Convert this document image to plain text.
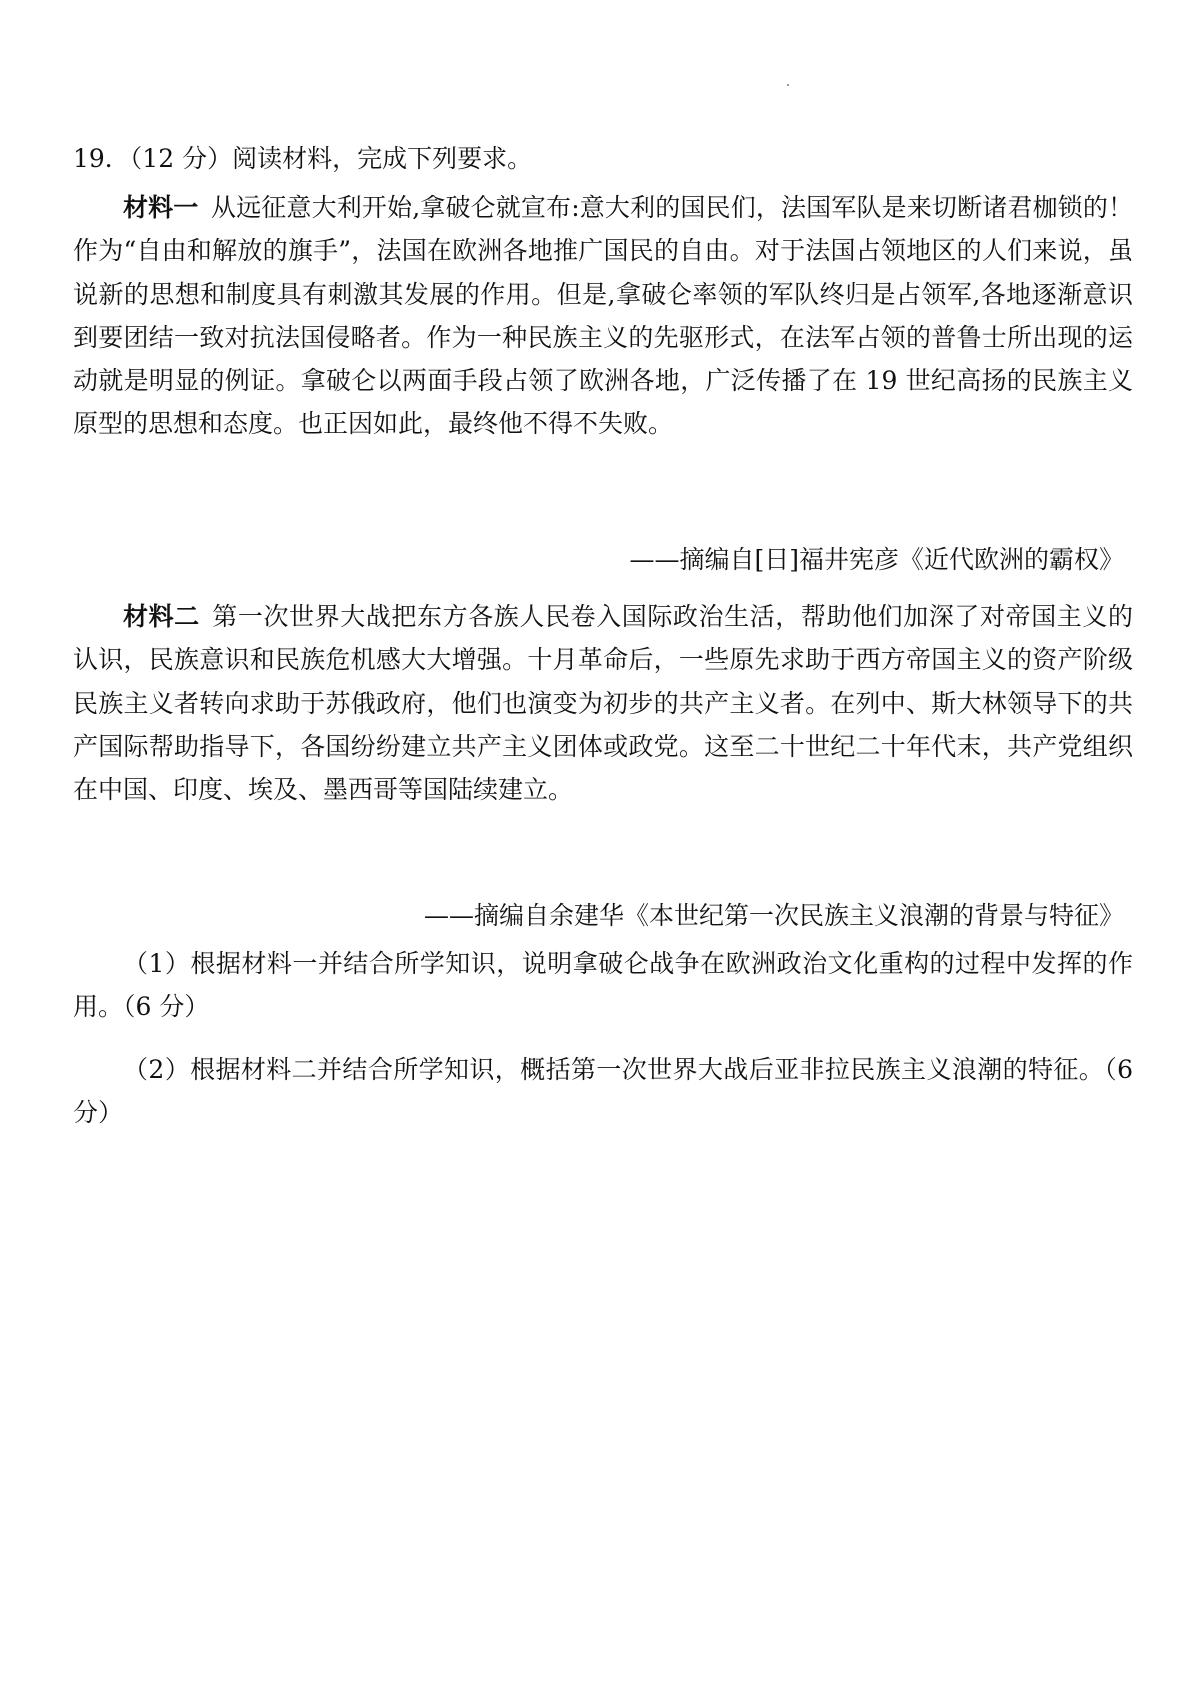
19．（12 分）阅读材料，完成下列要求。

材料一 从远征意大利开始,拿破仑就宣布:意大利的国民们，法国军队是来切断诸君枷锁的！作为“自由和解放的旗手”，法国在欧洲各地推广国民的自由。对于法国占领地区的人们来说，虽说新的思想和制度具有刺激其发展的作用。但是,拿破仑率领的军队终归是占领军,各地逐渐意识到要团结一致对抗法国侵略者。作为一种民族主义的先驱形式，在法军占领的普鲁士所出现的运动就是明显的例证。拿破仑以两面手段占领了欧洲各地，广泛传播了在 19 世纪高扬的民族主义原型的思想和态度。也正因如此，最终他不得不失败。

——摘编自[日]福井宪彦《近代欧洲的霸权》

材料二 第一次世界大战把东方各族人民卷入国际政治生活，帮助他们加深了对帝国主义的认识，民族意识和民族危机感大大增强。十月革命后，一些原先求助于西方帝国主义的资产阶级民族主义者转向求助于苏俄政府，他们也演变为初步的共产主义者。在列中、斯大林领导下的共产国际帮助指导下，各国纷纷建立共产主义团体或政党。这至二十世纪二十年代末，共产党组织在中国、印度、埃及、墨西哥等国陆续建立。

——摘编自余建华《本世纪第一次民族主义浪潮的背景与特征》

（1）根据材料一并结合所学知识，说明拿破仑战争在欧洲政治文化重构的过程中发挥的作用。（6 分）

（2）根据材料二并结合所学知识，概括第一次世界大战后亚非拉民族主义浪潮的特征。（6 分）
